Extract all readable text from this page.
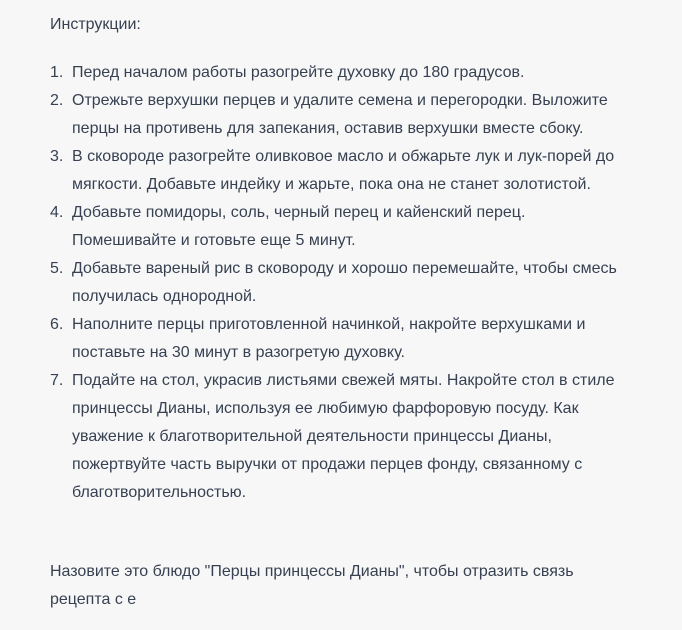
Инструкции:

1. Перед началом работы разогрейте духовку до 180 градусов.
2. Отрежьте верхушки перцев и удалите семена и перегородки. Выложите перцы на противень для запекания, оставив верхушки вместе сбоку.
3. В сковороде разогрейте оливковое масло и обжарьте лук и лук-порей до мягкости. Добавьте индейку и жарьте, пока она не станет золотистой.
4. Добавьте помидоры, соль, черный перец и кайенский перец. Помешивайте и готовьте еще 5 минут.
5. Добавьте вареный рис в сковороду и хорошо перемешайте, чтобы смесь получилась однородной.
6. Наполните перцы приготовленной начинкой, накройте верхушками и поставьте на 30 минут в разогретую духовку.
7. Подайте на стол, украсив листьями свежей мяты. Накройте стол в стиле принцессы Дианы, используя ее любимую фарфоровую посуду. Как уважение к благотворительной деятельности принцессы Дианы, пожертвуйте часть выручки от продажи перцев фонду, связанному с благотворительностью.

Назовите это блюдо "Перцы принцессы Дианы", чтобы отразить связь рецепта с е
